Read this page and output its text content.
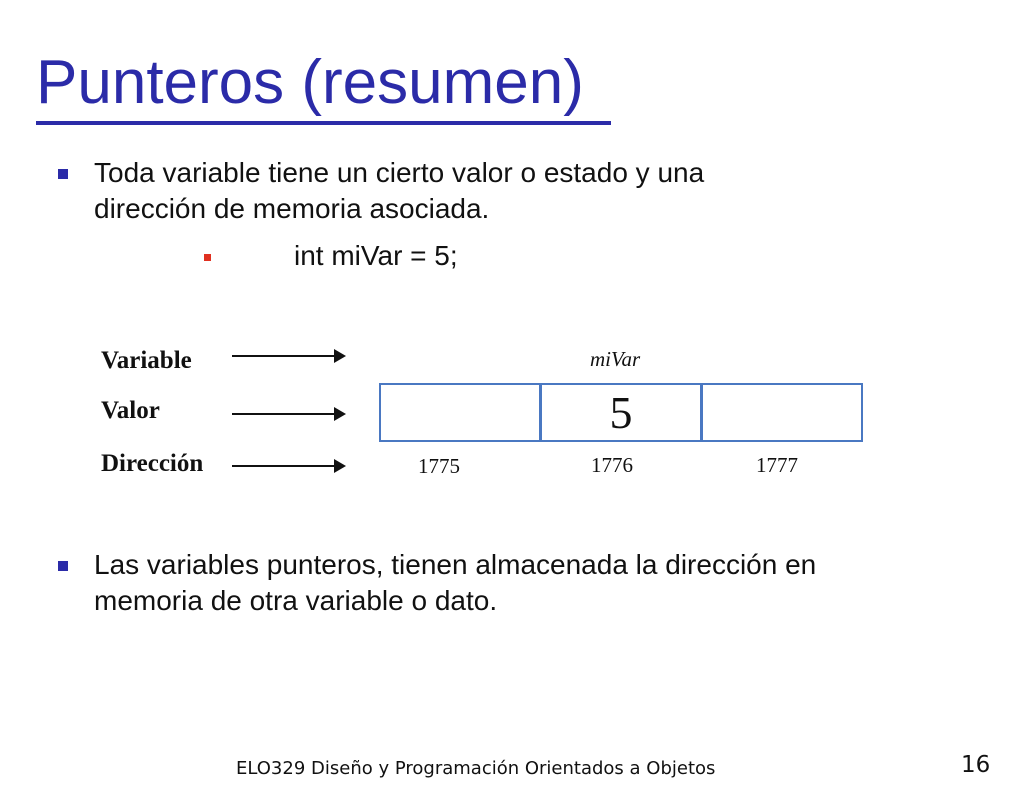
Punteros (resumen)
Toda variable tiene un cierto valor o estado y una
dirección de memoria asociada.
int miVar = 5;
Variable
Valor
Dirección
miVar
5
1775	1776	1777
Las variables punteros, tienen almacenada la dirección en
memoria de otra variable o dato.
ELO329 Diseño y Programación Orientados a Objetos	16
